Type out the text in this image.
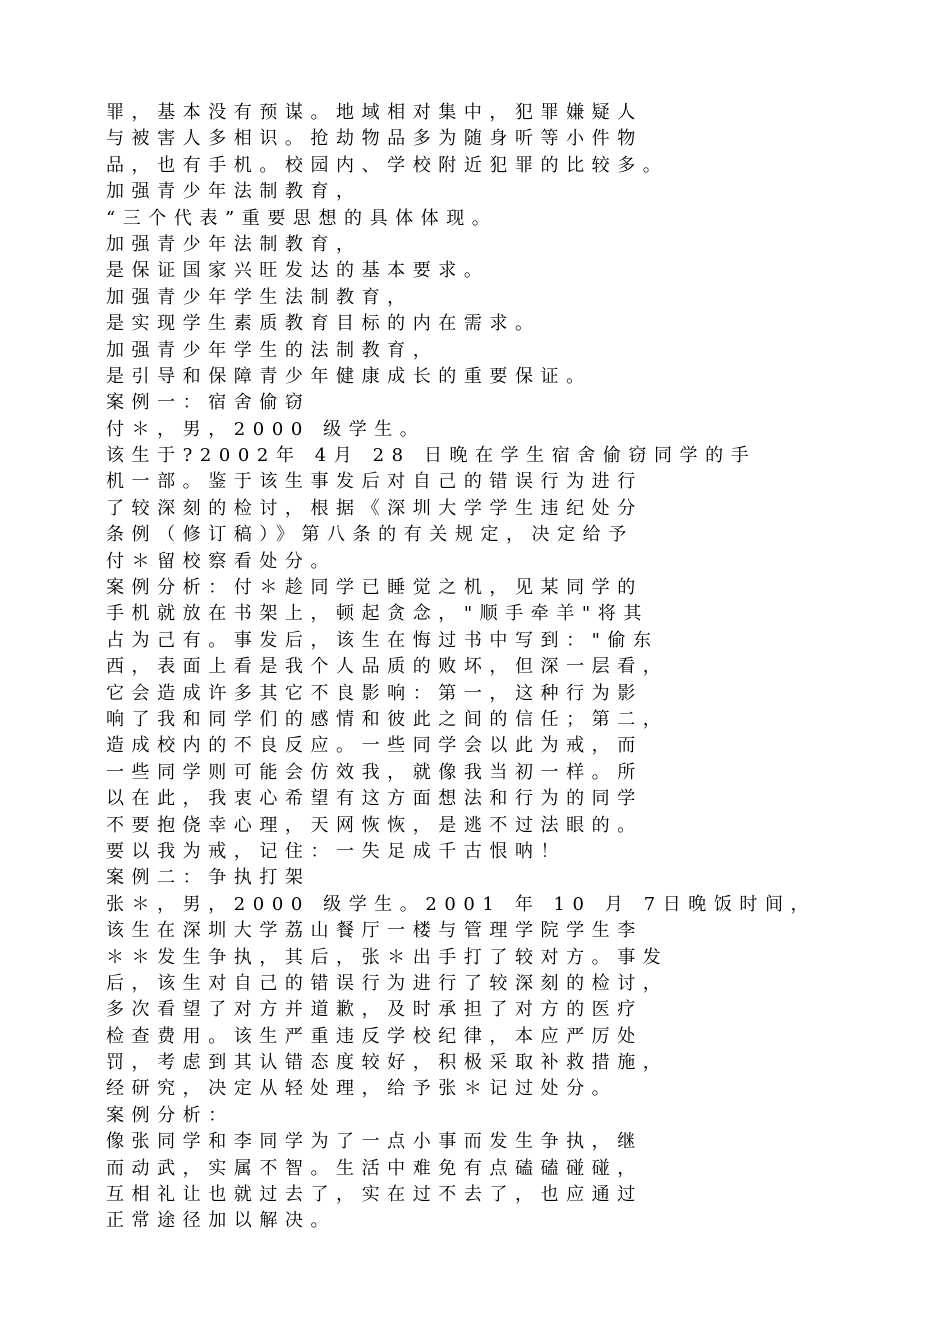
罪，基本没有预谋。地域相对集中，犯罪嫌疑人
与被害人多相识。抢劫物品多为随身听等小件物
品，也有手机。校园内、学校附近犯罪的比较多。
加强青少年法制教育，
“三个代表”重要思想的具体体现。
加强青少年法制教育，
是保证国家兴旺发达的基本要求。
加强青少年学生法制教育，
是实现学生素质教育目标的内在需求。
加强青少年学生的法制教育，
是引导和保障青少年健康成长的重要保证。
案例一：宿舍偷窃
付＊，男，2000 级学生。
该生于?2002年 4月 28 日晚在学生宿舍偷窃同学的手
机一部。鉴于该生事发后对自己的错误行为进行
了较深刻的检讨，根据《深圳大学学生违纪处分
条例（修订稿）》第八条的有关规定，决定给予
付＊留校察看处分。
案例分析：付＊趁同学已睡觉之机，见某同学的
手机就放在书架上，顿起贪念，"顺手牵羊"将其
占为己有。事发后，该生在悔过书中写到："偷东
西，表面上看是我个人品质的败坏，但深一层看，
它会造成许多其它不良影响：第一，这种行为影
响了我和同学们的感情和彼此之间的信任；第二，
造成校内的不良反应。一些同学会以此为戒，而
一些同学则可能会仿效我，就像我当初一样。所
以在此，我衷心希望有这方面想法和行为的同学
不要抱侥幸心理，天网恢恢，是逃不过法眼的。
要以我为戒，记住：一失足成千古恨呐！
案例二：争执打架
张＊，男，2000 级学生。2001 年 10 月 7日晚饭时间，
该生在深圳大学荔山餐厅一楼与管理学院学生李
＊＊发生争执，其后，张＊出手打了较对方。事发
后，该生对自己的错误行为进行了较深刻的检讨，
多次看望了对方并道歉，及时承担了对方的医疗
检查费用。该生严重违反学校纪律，本应严厉处
罚，考虑到其认错态度较好，积极采取补救措施，
经研究，决定从轻处理，给予张＊记过处分。
案例分析：
像张同学和李同学为了一点小事而发生争执，继
而动武，实属不智。生活中难免有点磕磕碰碰，
互相礼让也就过去了，实在过不去了，也应通过
正常途径加以解决。
